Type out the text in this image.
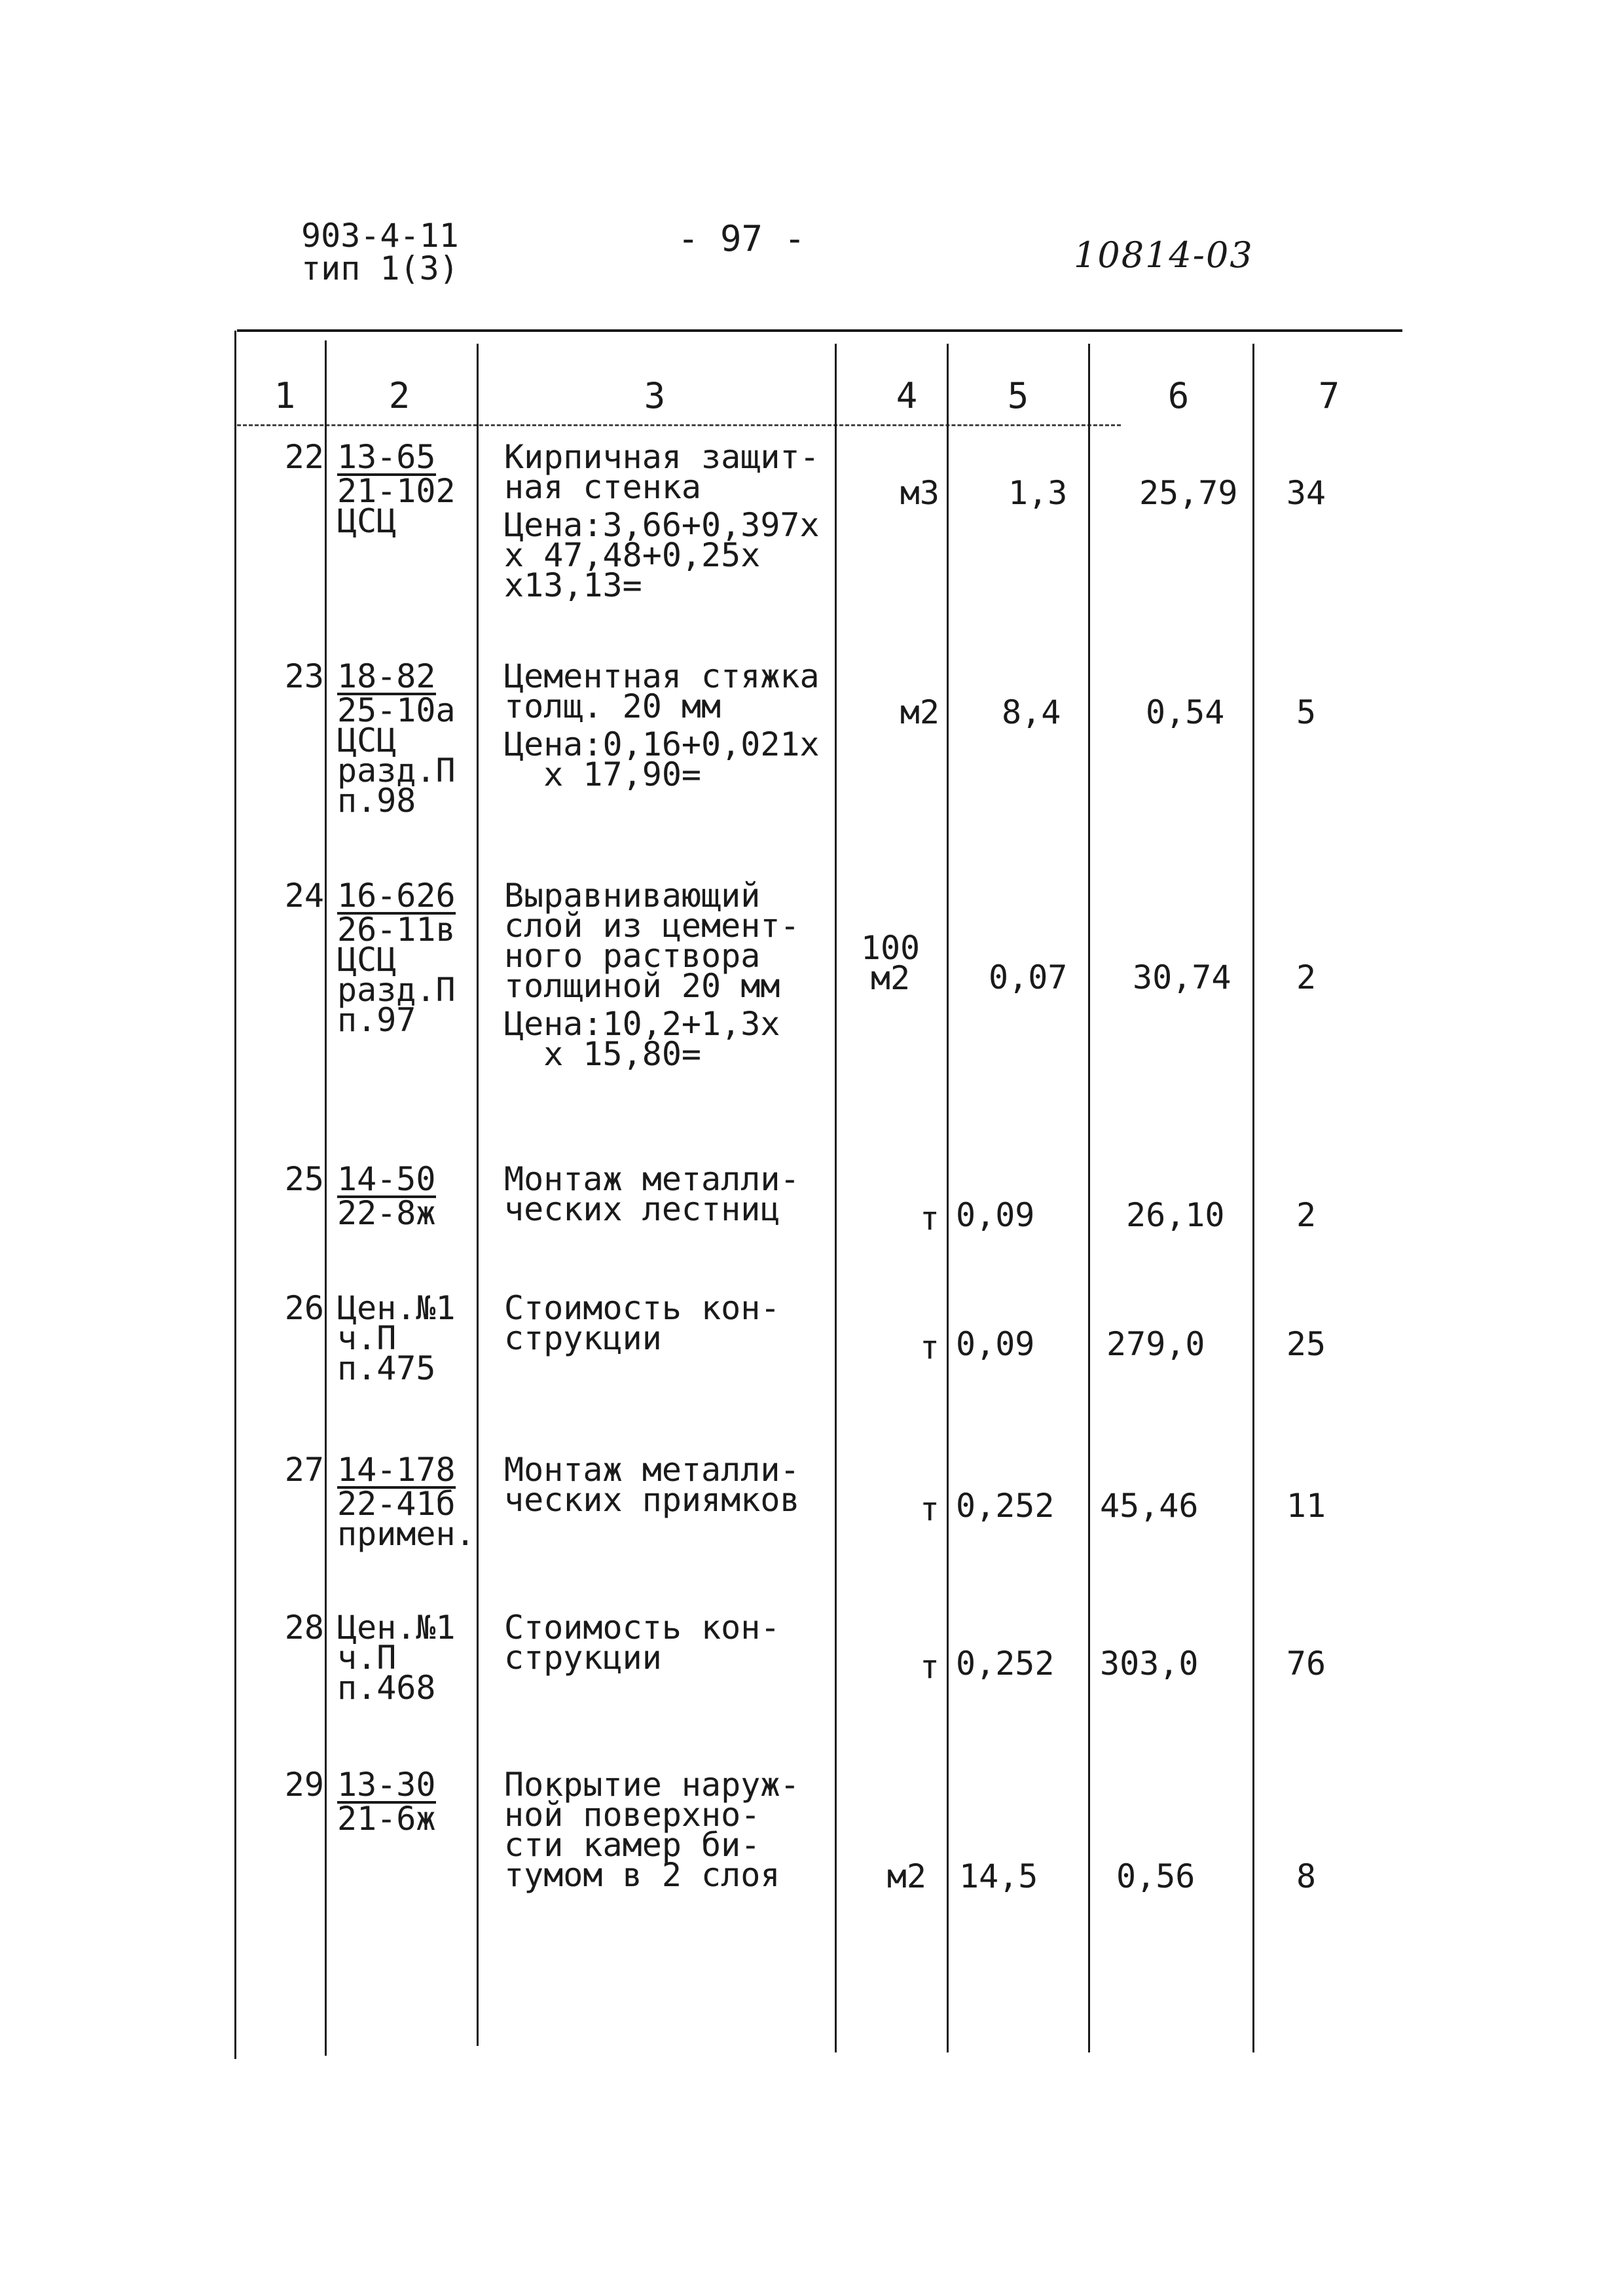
903-4-11
тип 1(3)
- 97 -	10814-03
1	2	3	4	5	6	7
22 13-65
21-102
ЦСЦ
Кирпичная защит-
ная стенка
Цена:3,66+0,397x
x 47,48+0,25x
x13,13=
м3 1,3	25,79	34
23 18-82
25-10а
ЦСЦ
разд.П
п.98
Цементная стяжка
толщ. 20 мм
Цена:0,16+0,021x
x 17,90=
м2 8,4	0,54	5
24 16-626
26-11в
ЦСЦ
разд.П
п.97
Выравнивающий
слой из цемент-
ного раствора
толщиной 20 мм
Цена:10,2+1,3x
x 15,80=
100
м2	0,07	30,74	2
25 14-50
22-8ж
Монтаж металли-
ческих лестниц	т 0,09	26,10	2
26 Цен.№1
ч.П
п.475
Стоимость кон-
струкции	т 0,09	279,0	25
27 14-178
22-41б
примен.
Монтаж металли-
ческих приямков	т 0,252	45,46	11
28 Цен.№1
ч.П
п.468
Стоимость кон-
струкции	т 0,252	303,0	76
29 13-30
21-6ж
Покрытие наруж-
ной поверхно-
сти камер би-
тумом в 2 слоя	м2 14,5	0,56	8
